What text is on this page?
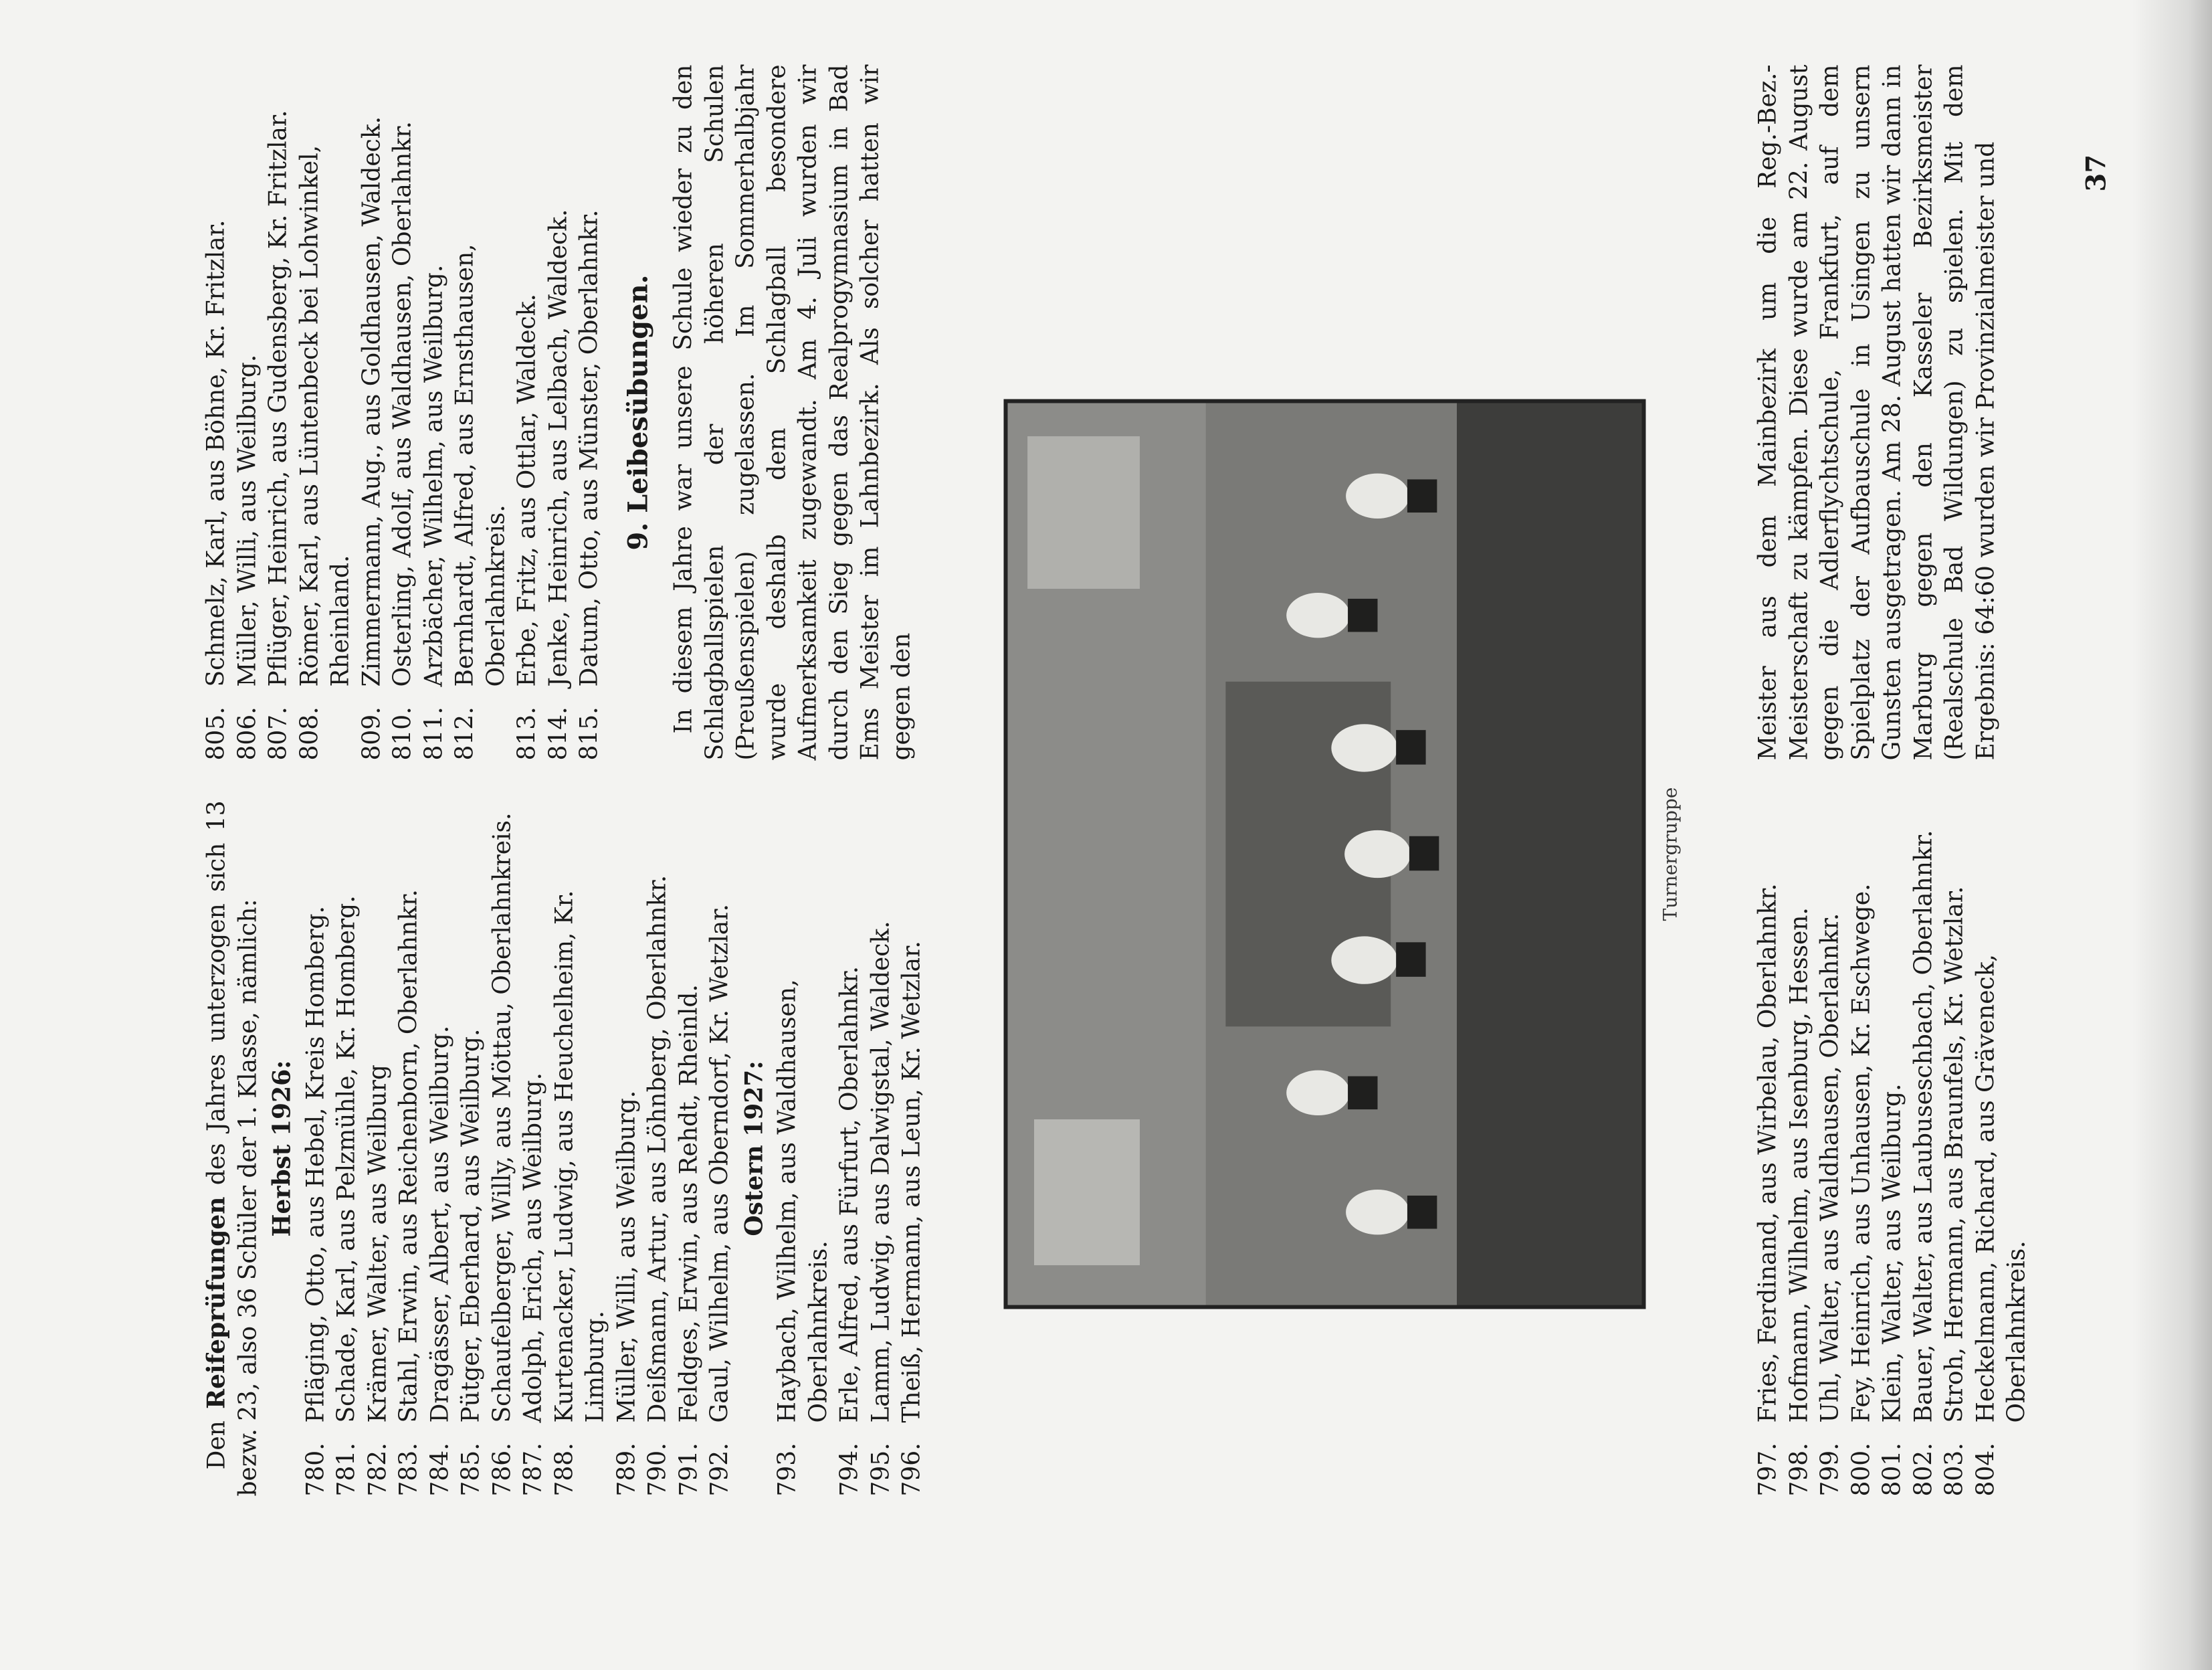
Den Reifeprüfungen des Jahres unterzogen sich 13 bezw. 23, also 36 Schüler der 1. Klasse, nämlich: Herbst 1926:
780.
Pfläging, Otto, aus Hebel, Kreis Homberg.
781.
Schade, Karl, aus Pelzmühle, Kr. Homberg.
782.
Krämer, Walter, aus Weilburg
783.
Stahl, Erwin, aus Reichenborn, Oberlahnkr.
784.
Dragässer, Albert, aus Weilburg.
785.
Pütger, Eberhard, aus Weilburg.
786.
Schaufelberger, Willy, aus Möttau, Oberlahnkreis.
787.
Adolph, Erich, aus Weilburg.
788.
Kurtenacker, Ludwig, aus Heuchelheim, Kr. Limburg.
789.
Müller, Willi, aus Weilburg.
790.
Deißmann, Artur, aus Löhnberg, Oberlahnkr.
791.
Feldges, Erwin, aus Rehdt, Rheinld.
792.
Gaul, Wilhelm, aus Oberndorf, Kr. Wetzlar. Ostern 1927:
793.
Haybach, Wilhelm, aus Waldhausen, Oberlahnkreis.
794.
Erle, Alfred, aus Fürfurt, Oberlahnkr.
795.
Lamm, Ludwig, aus Dalwigstal, Waldeck.
796.
Theiß, Hermann, aus Leun, Kr. Wetzlar.
805.
Schmelz, Karl, aus Böhne, Kr. Fritzlar.
806.
Müller, Willi, aus Weilburg.
807.
Pflüger, Heinrich, aus Gudensberg, Kr. Fritzlar.
808.
Römer, Karl, aus Lüntenbeck bei Lohwinkel, Rheinland.
809.
Zimmermann, Aug., aus Goldhausen, Waldeck.
810.
Osterling, Adolf, aus Waldhausen, Oberlahnkr.
811.
Arzbächer, Wilhelm, aus Weilburg.
812.
Bernhardt, Alfred, aus Ernsthausen, Oberlahnkreis.
813.
Erbe, Fritz, aus Ottlar, Waldeck.
814.
Jenke, Heinrich, aus Lelbach, Waldeck.
815.
Datum, Otto, aus Münster, Oberlahnkr. 9. Leibesübungen. In diesem Jahre war unsere Schule wieder zu den Schlagballspielen der höheren Schulen (Preußenspielen) zugelassen. Im Sommerhalbjahr wurde deshalb dem Schlagball besondere Aufmerksamkeit zugewandt. Am 4. Juli wurden wir durch den Sieg gegen das Realprogymnasium in Bad Ems Meister im Lahnbezirk. Als solcher hatten wir gegen den

Turnergruppe
797.
Fries, Ferdinand, aus Wirbelau, Oberlahnkr.
798.
Hofmann, Wilhelm, aus Isenburg, Hessen.
799.
Uhl, Walter, aus Waldhausen, Oberlahnkr.
800.
Fey, Heinrich, aus Unhausen, Kr. Eschwege.
801.
Klein, Walter, aus Weilburg.
802.
Bauer, Walter, aus Laubuseschbach, Oberlahnkr.
803.
Stroh, Hermann, aus Braunfels, Kr. Wetzlar.
804.
Heckelmann, Richard, aus Gräveneck, Oberlahnkreis.

Meister aus dem Mainbezirk um die Reg.-Bez.-Meisterschaft zu kämpfen. Diese wurde am 22. August gegen die Adlerflychtschule, Frankfurt, auf dem Spielplatz der Aufbauschule in Usingen zu unsern Gunsten ausgetragen. Am 28. August hatten wir dann in Marburg gegen den Kasseler Bezirksmeister (Realschule Bad Wildungen) zu spielen. Mit dem Ergebnis: 64:60 wurden wir Provinzialmeister und	37
